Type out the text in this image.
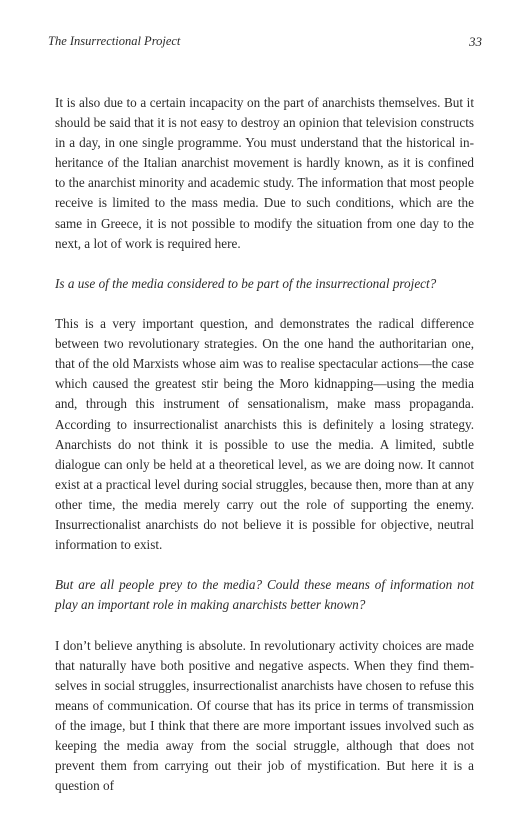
The Insurrectional Project	33

It is also due to a certain incapacity on the part of anarchists themselves. But it should be said that it is not easy to destroy an opinion that television constructs in a day, in one single programme. You must understand that the historical inheritance of the Italian anarchist movement is hardly known, as it is confined to the anarchist minority and academic study. The information that most people receive is limited to the mass media. Due to such conditions, which are the same in Greece, it is not possible to modify the situation from one day to the next, a lot of work is required here.

Is a use of the media considered to be part of the insurrectional project?

This is a very important question, and demonstrates the radical difference between two revolutionary strategies. On the one hand the authoritarian one, that of the old Marxists whose aim was to realise spectacular actions—the case which caused the greatest stir being the Moro kidnapping—using the media and, through this instrument of sensationalism, make mass propaganda. According to insurrectionalist anarchists this is definitely a losing strategy. Anarchists do not think it is possible to use the media. A limited, subtle dialogue can only be held at a theoretical level, as we are doing now. It cannot exist at a practical level during social struggles, because then, more than at any other time, the media merely carry out the role of supporting the enemy. Insurrectionalist anarchists do not believe it is possible for objective, neutral information to exist.

But are all people prey to the media? Could these means of information not play an important role in making anarchists better known?

I don’t believe anything is absolute. In revolutionary activity choices are made that naturally have both positive and negative aspects. When they find themselves in social struggles, insurrectionalist anarchists have chosen to refuse this means of communication. Of course that has its price in terms of transmission of the image, but I think that there are more important issues involved such as keeping the media away from the social struggle, although that does not prevent them from carrying out their job of mystification. But here it is a question of
